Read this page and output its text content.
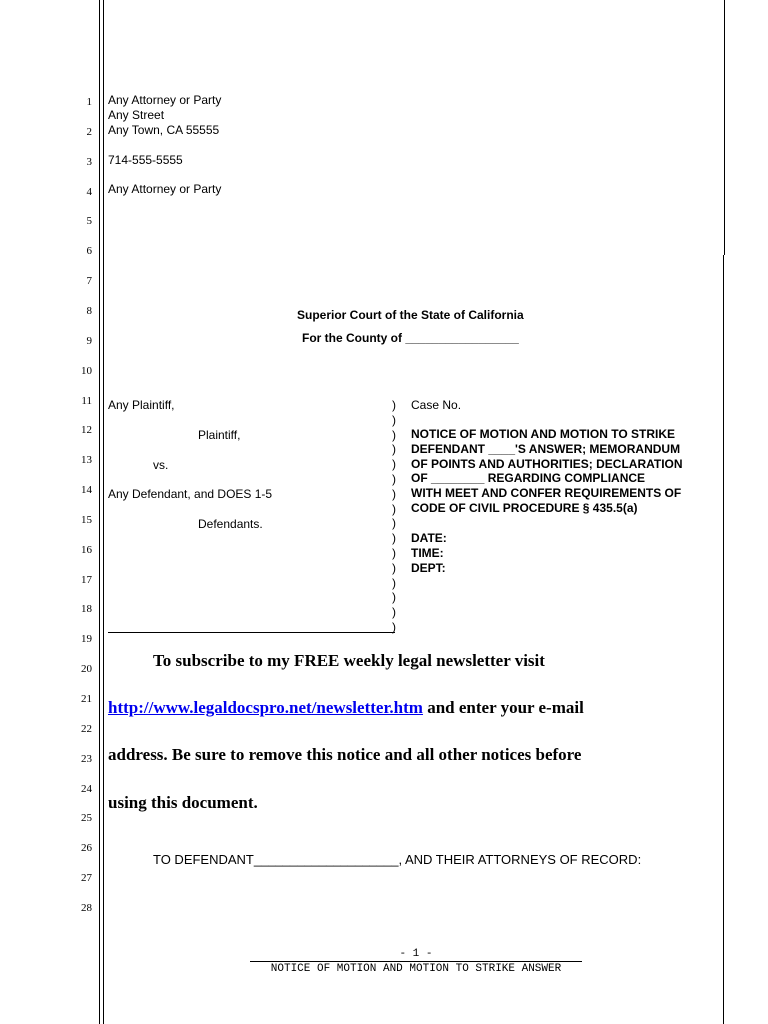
1
2
3
4
5
6
7
8
9
10
11
12
13
14
15
16
17
18
19
20
21
22
23
24
25
26
27
28
Any Attorney or Party
Any Street
Any Town, CA 55555
714-555-5555
Any Attorney or Party
Superior Court of the State of California
For the County of _________________
Any Plaintiff,
Plaintiff,
vs.
Any Defendant, and DOES 1-5
Defendants.
)
)
)
)
)
)
)
)
)
)
)
)
)
)
)
)
Case No.
NOTICE OF MOTION AND MOTION TO STRIKE
DEFENDANT ____'S ANSWER; MEMORANDUM
OF POINTS AND AUTHORITIES; DECLARATION
OF ________ REGARDING COMPLIANCE
WITH MEET AND CONFER REQUIREMENTS OF
CODE OF CIVIL PROCEDURE § 435.5(a)
DATE:
TIME:
DEPT:
To subscribe to my FREE weekly legal newsletter visit
http://www.legaldocspro.net/newsletter.htm and enter your e-mail
address. Be sure to remove this notice and all other notices before
using this document.
TO DEFENDANT____________________, AND THEIR ATTORNEYS OF RECORD:
- 1 -
NOTICE OF MOTION AND MOTION TO STRIKE ANSWER
